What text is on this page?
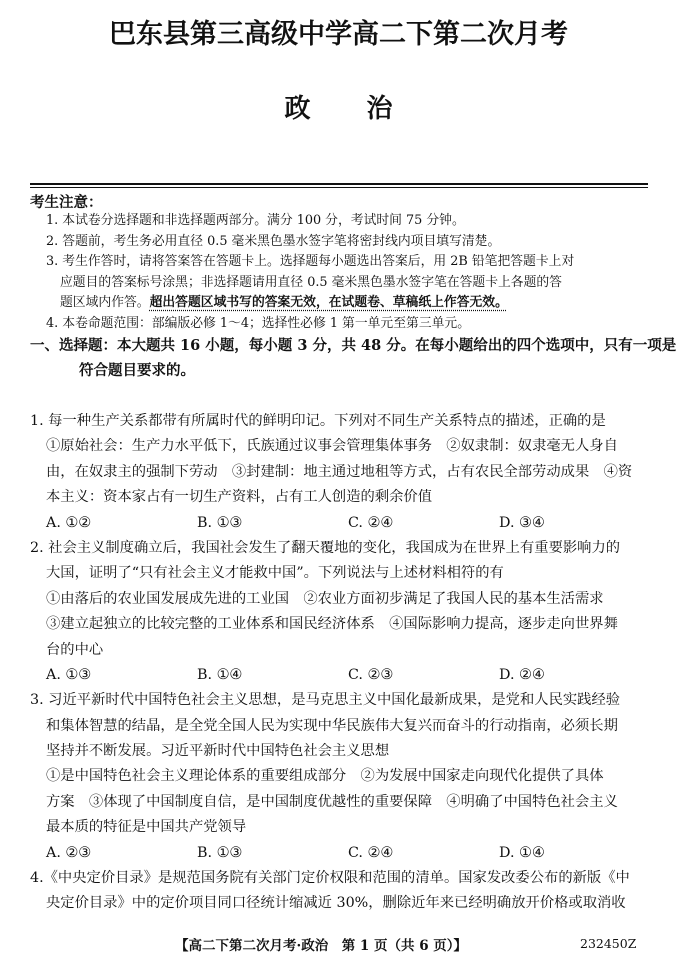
巴东县第三高级中学高二下第二次月考
政 治
考生注意：
1. 本试卷分选择题和非选择题两部分。满分 100 分，考试时间 75 分钟。
2. 答题前，考生务必用直径 0.5 毫米黑色墨水签字笔将密封线内项目填写清楚。
3. 考生作答时，请将答案答在答题卡上。选择题每小题选出答案后，用 2B 铅笔把答题卡上对
应题目的答案标号涂黑；非选择题请用直径 0.5 毫米黑色墨水签字笔在答题卡上各题的答
题区域内作答。超出答题区域书写的答案无效，在试题卷、草稿纸上作答无效。
4. 本卷命题范围：部编版必修 1～4；选择性必修 1 第一单元至第三单元。
一、选择题：本大题共 16 小题，每小题 3 分，共 48 分。在每小题给出的四个选项中，只有一项是
符合题目要求的。
1. 每一种生产关系都带有所属时代的鲜明印记。下列对不同生产关系特点的描述，正确的是
①原始社会：生产力水平低下，氏族通过议事会管理集体事务　②奴隶制：奴隶毫无人身自
由，在奴隶主的强制下劳动　③封建制：地主通过地租等方式，占有农民全部劳动成果　④资
本主义：资本家占有一切生产资料，占有工人创造的剩余价值
A. ①②	B. ①③	C. ②④	D. ③④
2. 社会主义制度确立后，我国社会发生了翻天覆地的变化，我国成为在世界上有重要影响力的
大国，证明了“只有社会主义才能救中国”。下列说法与上述材料相符的有
①由落后的农业国发展成先进的工业国　②农业方面初步满足了我国人民的基本生活需求
③建立起独立的比较完整的工业体系和国民经济体系　④国际影响力提高，逐步走向世界舞
台的中心
A. ①③	B. ①④	C. ②③	D. ②④
3. 习近平新时代中国特色社会主义思想，是马克思主义中国化最新成果，是党和人民实践经验
和集体智慧的结晶，是全党全国人民为实现中华民族伟大复兴而奋斗的行动指南，必须长期
坚持并不断发展。习近平新时代中国特色社会主义思想
①是中国特色社会主义理论体系的重要组成部分　②为发展中国家走向现代化提供了具体
方案　③体现了中国制度自信，是中国制度优越性的重要保障　④明确了中国特色社会主义
最本质的特征是中国共产党领导
A. ②③	B. ①③	C. ②④	D. ①④
4.《中央定价目录》是规范国务院有关部门定价权限和范围的清单。国家发改委公布的新版《中
央定价目录》中的定价项目同口径统计缩减近 30%，删除近年来已经明确放开价格或取消收
【高二下第二次月考·政治　第 1 页（共 6 页）】	232450Z
